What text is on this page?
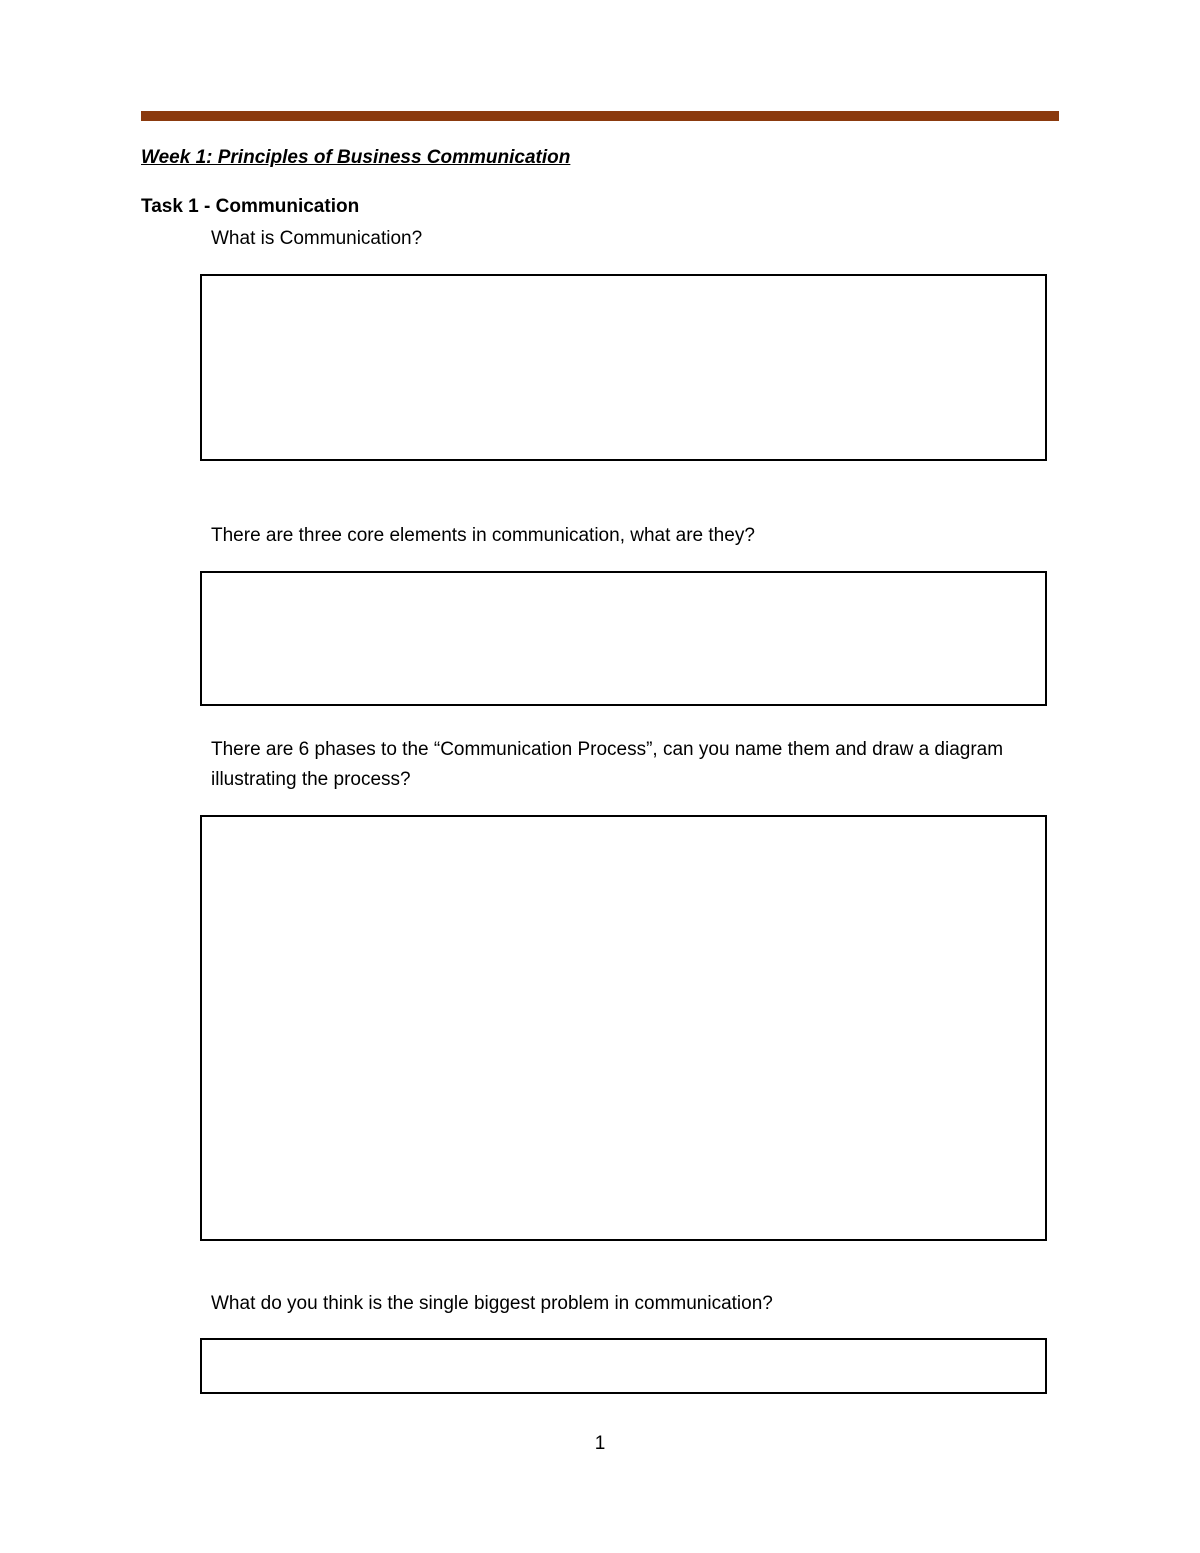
Week 1: Principles of Business Communication
Task 1 - Communication
What is Communication?
There are three core elements in communication, what are they?
There are 6 phases to the “Communication Process”, can you name them and draw a diagram
illustrating the process?
What do you think is the single biggest problem in communication?
1
